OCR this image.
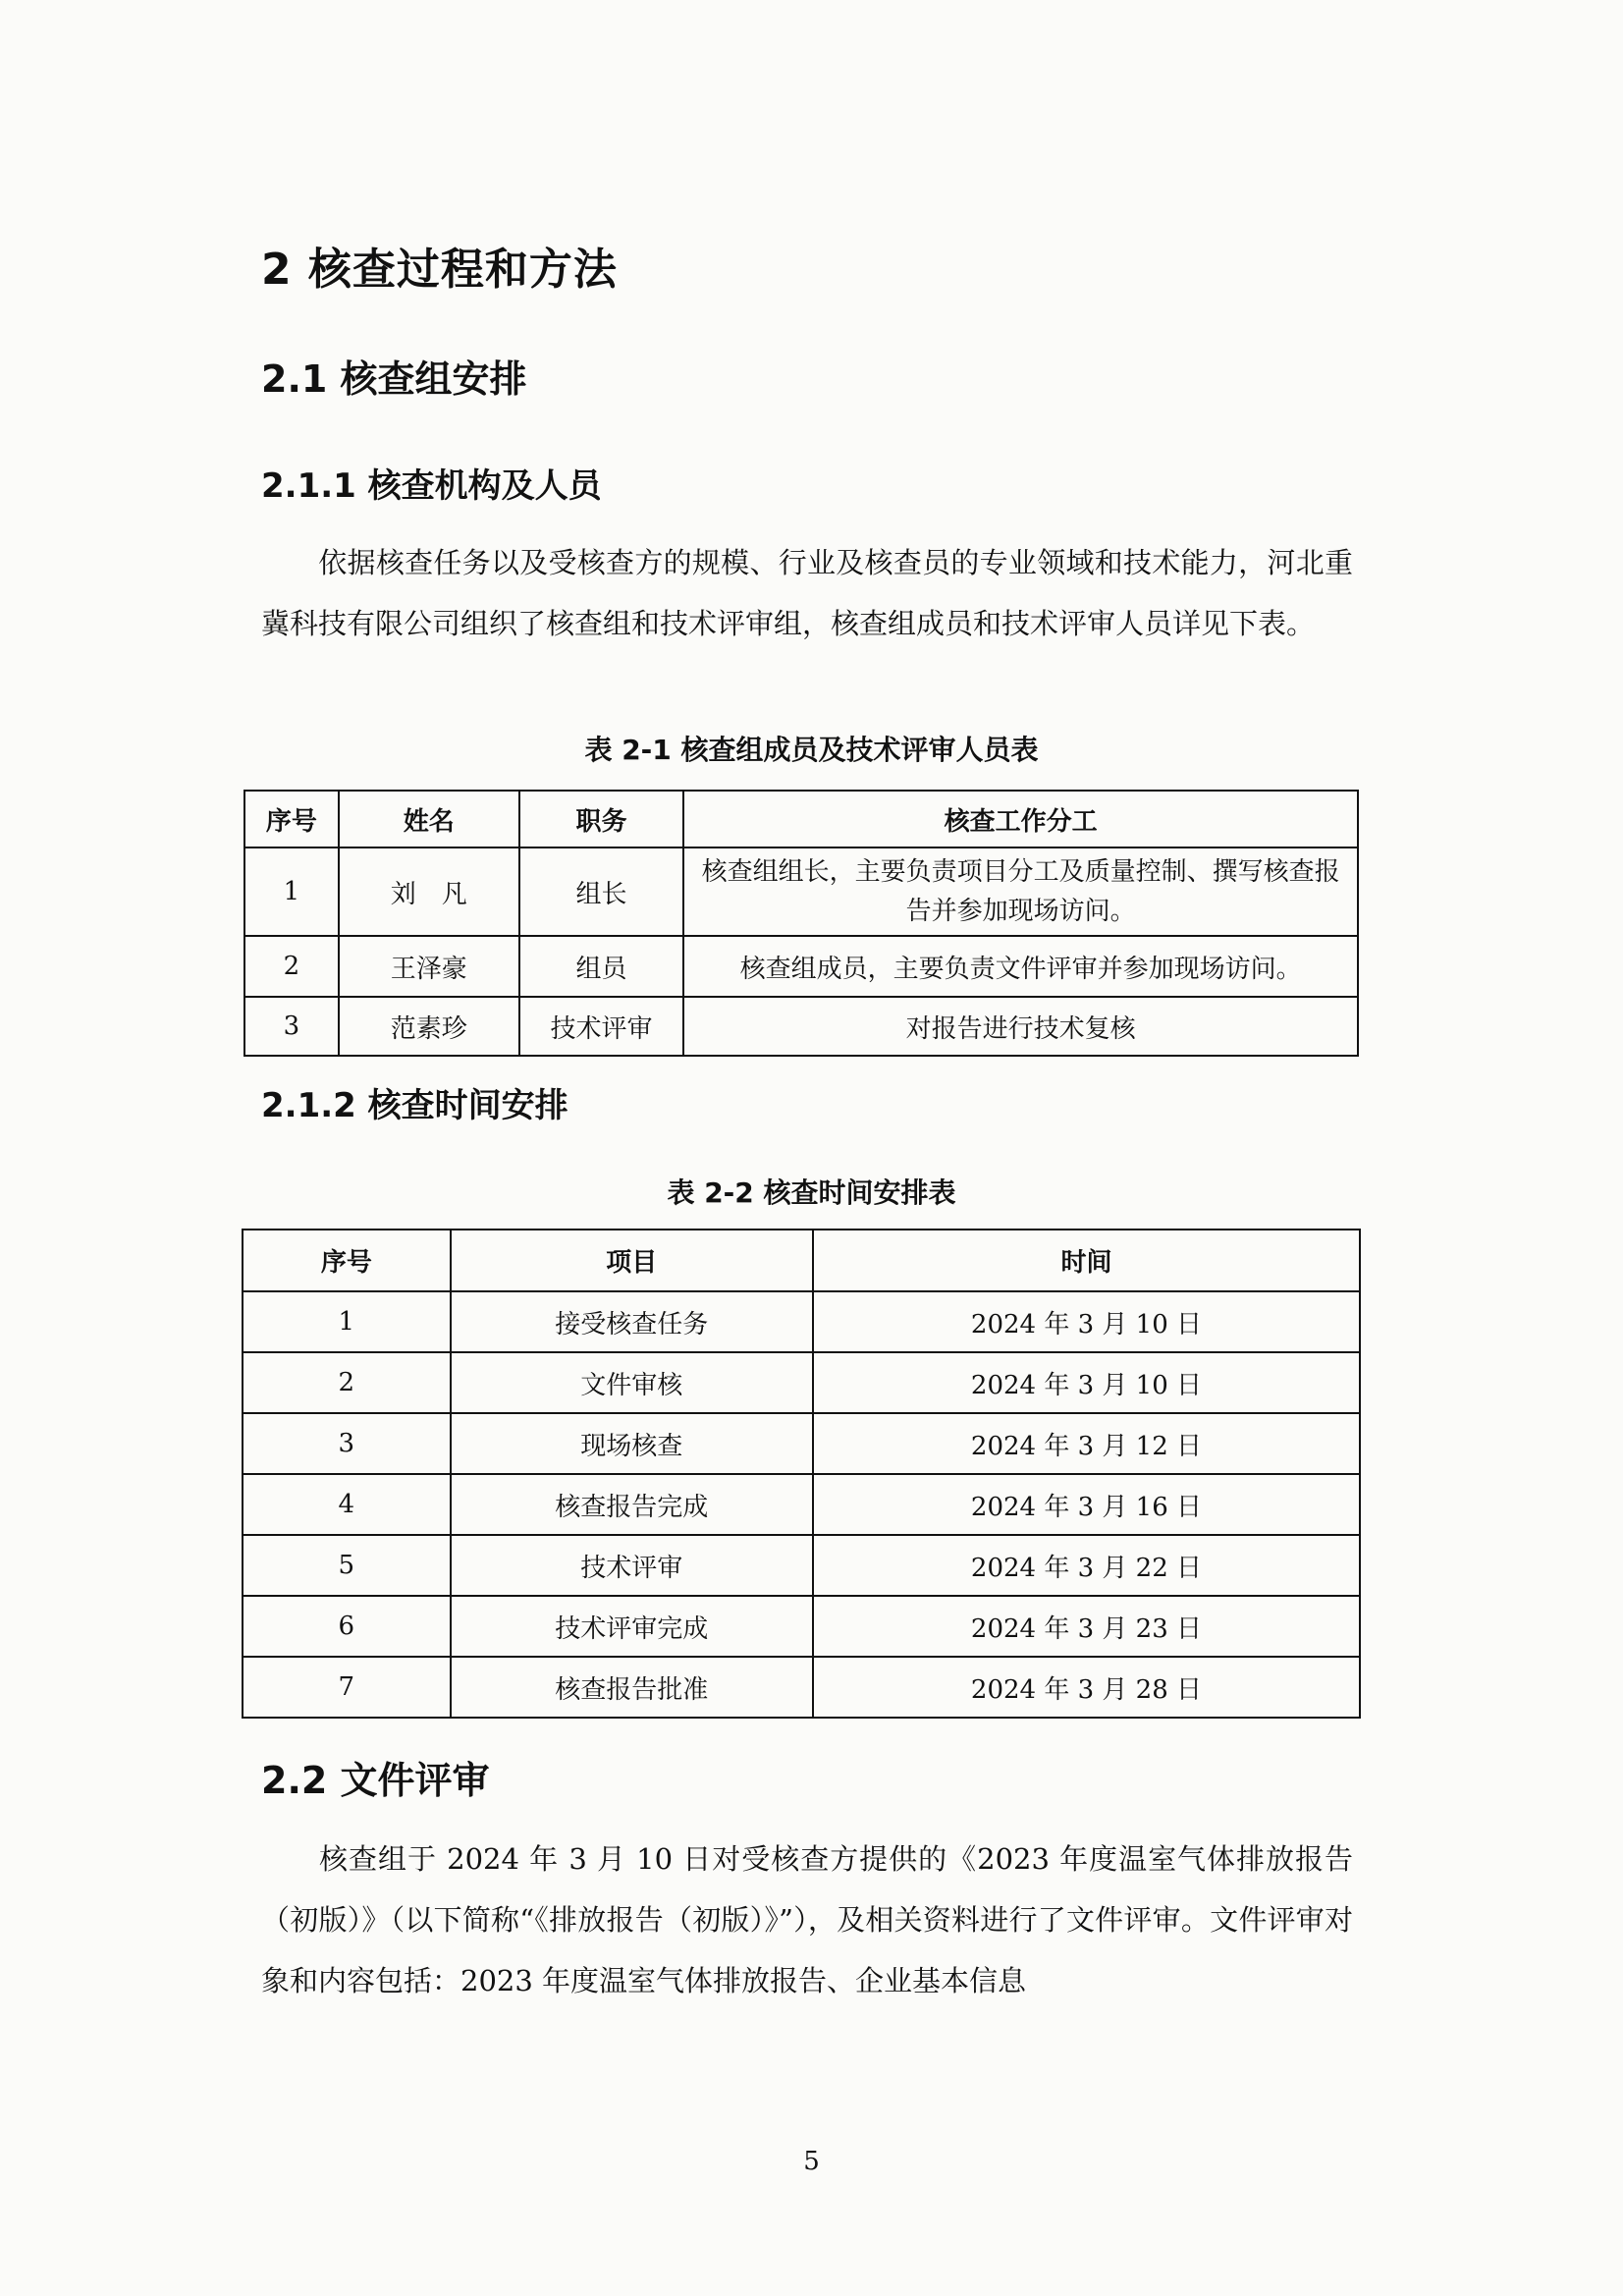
2 核查过程和方法
2.1 核查组安排
2.1.1 核查机构及人员
依据核查任务以及受核查方的规模、行业及核查员的专业领域和技术能力，河北重冀科技有限公司组织了核查组和技术评审组，核查组成员和技术评审人员详见下表。
表 2-1 核查组成员及技术评审人员表
序号	姓名	职务	核查工作分工
1	刘　凡	组长	核查组组长，主要负责项目分工及质量控制、撰写核查报告并参加现场访问。
2	王泽豪	组员	核查组成员，主要负责文件评审并参加现场访问。
3	范素珍	技术评审	对报告进行技术复核
2.1.2 核查时间安排
表 2-2 核查时间安排表
序号	项目	时间
1	接受核查任务	2024 年 3 月 10 日
2	文件审核	2024 年 3 月 10 日
3	现场核查	2024 年 3 月 12 日
4	核查报告完成	2024 年 3 月 16 日
5	技术评审	2024 年 3 月 22 日
6	技术评审完成	2024 年 3 月 23 日
7	核查报告批准	2024 年 3 月 28 日
2.2 文件评审
核查组于 2024 年 3 月 10 日对受核查方提供的《2023 年度温室气体排放报告（初版）》（以下简称“《排放报告（初版）》”），及相关资料进行了文件评审。文件评审对象和内容包括：2023 年度温室气体排放报告、企业基本信息
5
